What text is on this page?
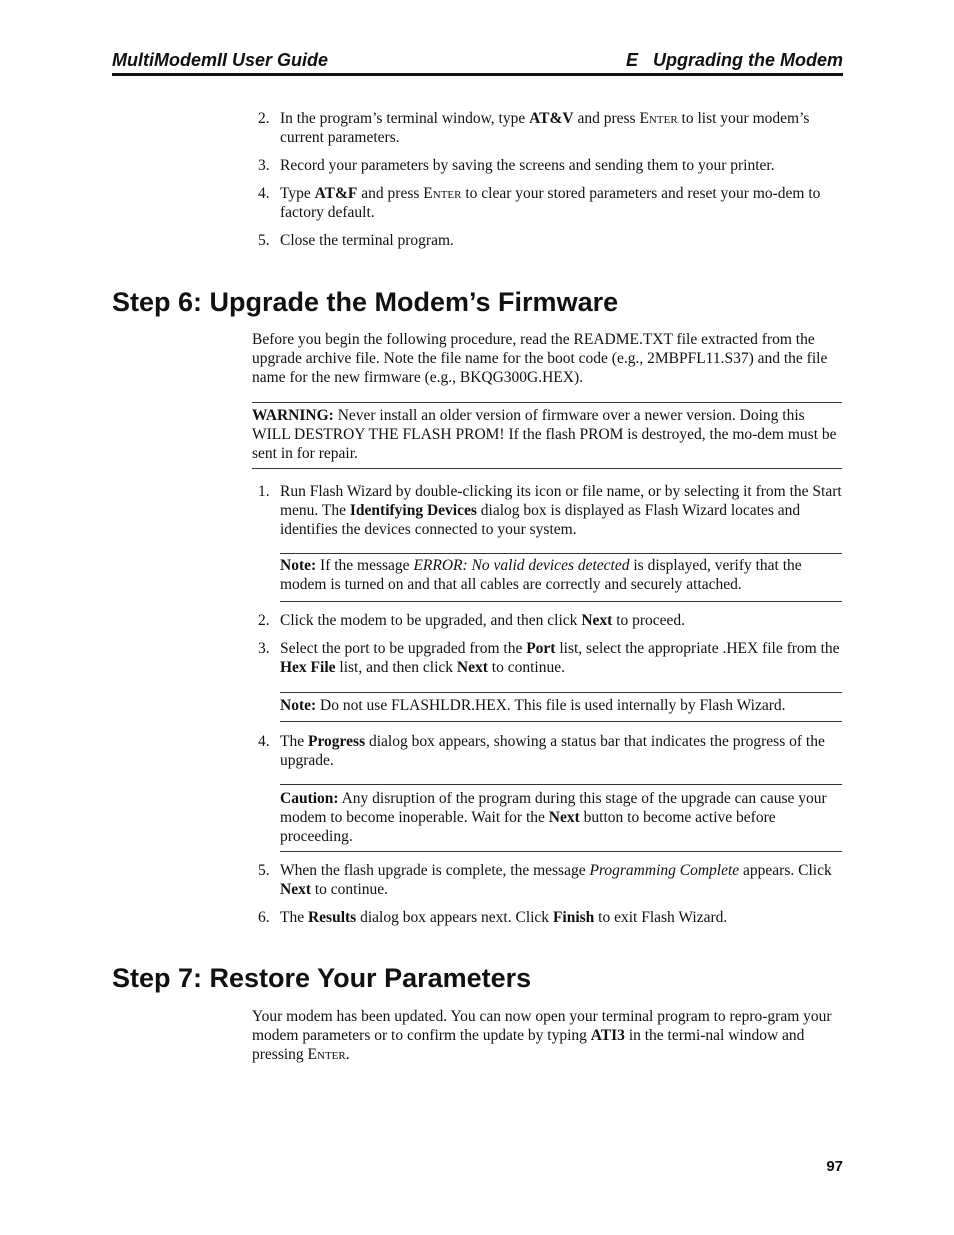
MultiModemII User Guide	E   Upgrading the Modem
2. In the program’s terminal window, type AT&V and press Enter to list your modem’s current parameters.
3. Record your parameters by saving the screens and sending them to your printer.
4. Type AT&F and press Enter to clear your stored parameters and reset your mo-dem to factory default.
5. Close the terminal program.
Step 6: Upgrade the Modem’s Firmware

Before you begin the following procedure, read the README.TXT file extracted from the upgrade archive file. Note the file name for the boot code (e.g., 2MBPFL11.S37) and the file name for the new firmware (e.g., BKQG300G.HEX).

WARNING: Never install an older version of firmware over a newer version. Doing this WILL DESTROY THE FLASH PROM! If the flash PROM is destroyed, the mo-dem must be sent in for repair.

1. Run Flash Wizard by double-clicking its icon or file name, or by selecting it from the Start menu. The Identifying Devices dialog box is displayed as Flash Wizard locates and identifies the devices connected to your system.

Note: If the message ERROR: No valid devices detected is displayed, verify that the modem is turned on and that all cables are correctly and securely attached.

2. Click the modem to be upgraded, and then click Next to proceed.
3. Select the port to be upgraded from the Port list, select the appropriate .HEX file from the Hex File list, and then click Next to continue.

Note: Do not use FLASHLDR.HEX. This file is used internally by Flash Wizard.

4. The Progress dialog box appears, showing a status bar that indicates the progress of the upgrade.

Caution: Any disruption of the program during this stage of the upgrade can cause your modem to become inoperable. Wait for the Next button to become active before proceeding.

5. When the flash upgrade is complete, the message Programming Complete appears. Click Next to continue.
6. The Results dialog box appears next. Click Finish to exit Flash Wizard.
Step 7: Restore Your Parameters

Your modem has been updated. You can now open your terminal program to repro-gram your modem parameters or to confirm the update by typing ATI3 in the termi-nal window and pressing Enter.

97
